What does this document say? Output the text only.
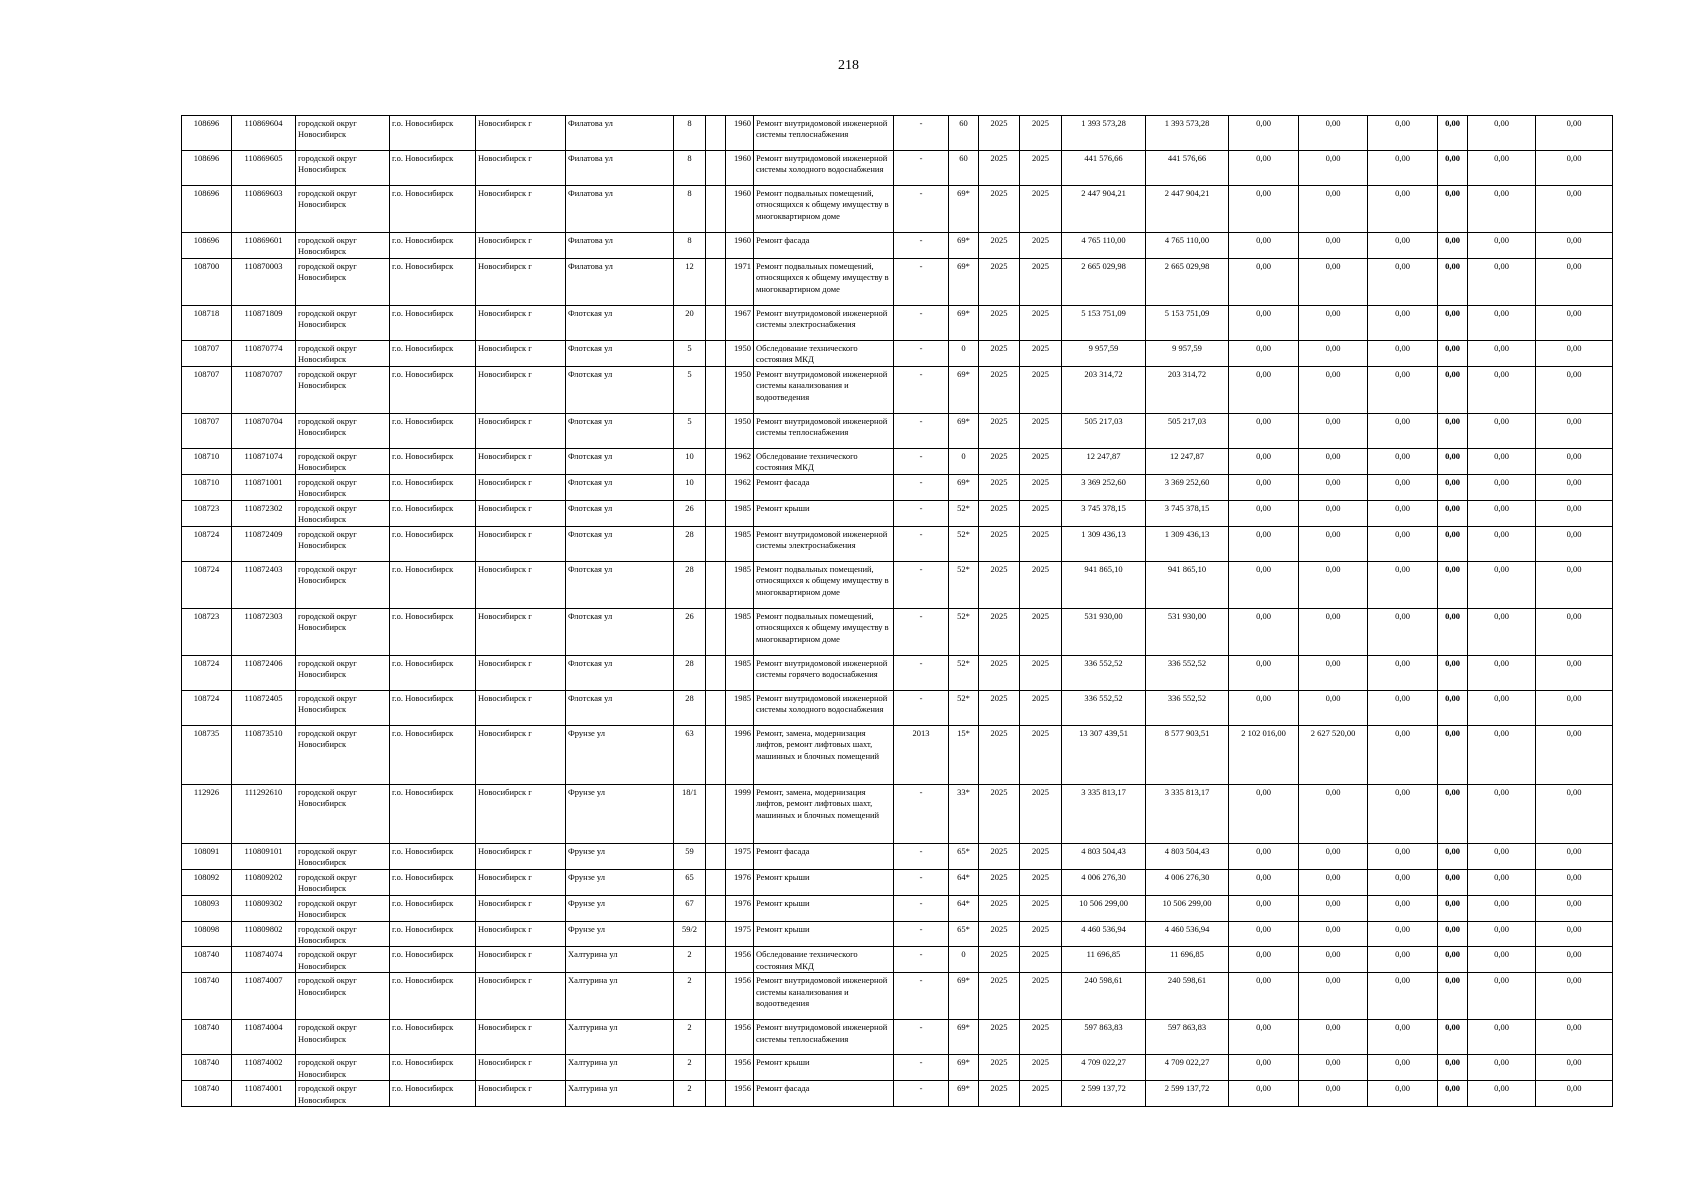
218
108696	110869604	городской округ Новосибирск	г.о. Новосибирск	Новосибирск г	Филатова ул	8		1960	Ремонт внутридомовой инженерной системы теплоснабжения	-	60	2025	2025	1 393 573,28	1 393 573,28	0,00	0,00	0,00	0,00	0,00	0,00
108696	110869605	городской округ Новосибирск	г.о. Новосибирск	Новосибирск г	Филатова ул	8		1960	Ремонт внутридомовой инженерной системы холодного водоснабжения	-	60	2025	2025	441 576,66	441 576,66	0,00	0,00	0,00	0,00	0,00	0,00
108696	110869603	городской округ Новосибирск	г.о. Новосибирск	Новосибирск г	Филатова ул	8		1960	Ремонт подвальных помещений, относящихся к общему имуществу в многоквартирном доме	-	69*	2025	2025	2 447 904,21	2 447 904,21	0,00	0,00	0,00	0,00	0,00	0,00
108696	110869601	городской округ Новосибирск	г.о. Новосибирск	Новосибирск г	Филатова ул	8		1960	Ремонт фасада	-	69*	2025	2025	4 765 110,00	4 765 110,00	0,00	0,00	0,00	0,00	0,00	0,00
108700	110870003	городской округ Новосибирск	г.о. Новосибирск	Новосибирск г	Филатова ул	12		1971	Ремонт подвальных помещений, относящихся к общему имуществу в многоквартирном доме	-	69*	2025	2025	2 665 029,98	2 665 029,98	0,00	0,00	0,00	0,00	0,00	0,00
108718	110871809	городской округ Новосибирск	г.о. Новосибирск	Новосибирск г	Флотская ул	20		1967	Ремонт внутридомовой инженерной системы электроснабжения	-	69*	2025	2025	5 153 751,09	5 153 751,09	0,00	0,00	0,00	0,00	0,00	0,00
108707	110870774	городской округ Новосибирск	г.о. Новосибирск	Новосибирск г	Флотская ул	5		1950	Обследование технического состояния МКД	-	0	2025	2025	9 957,59	9 957,59	0,00	0,00	0,00	0,00	0,00	0,00
108707	110870707	городской округ Новосибирск	г.о. Новосибирск	Новосибирск г	Флотская ул	5		1950	Ремонт внутридомовой инженерной системы канализования и водоотведения	-	69*	2025	2025	203 314,72	203 314,72	0,00	0,00	0,00	0,00	0,00	0,00
108707	110870704	городской округ Новосибирск	г.о. Новосибирск	Новосибирск г	Флотская ул	5		1950	Ремонт внутридомовой инженерной системы теплоснабжения	-	69*	2025	2025	505 217,03	505 217,03	0,00	0,00	0,00	0,00	0,00	0,00
108710	110871074	городской округ Новосибирск	г.о. Новосибирск	Новосибирск г	Флотская ул	10		1962	Обследование технического состояния МКД	-	0	2025	2025	12 247,87	12 247,87	0,00	0,00	0,00	0,00	0,00	0,00
108710	110871001	городской округ Новосибирск	г.о. Новосибирск	Новосибирск г	Флотская ул	10		1962	Ремонт фасада	-	69*	2025	2025	3 369 252,60	3 369 252,60	0,00	0,00	0,00	0,00	0,00	0,00
108723	110872302	городской округ Новосибирск	г.о. Новосибирск	Новосибирск г	Флотская ул	26		1985	Ремонт крыши	-	52*	2025	2025	3 745 378,15	3 745 378,15	0,00	0,00	0,00	0,00	0,00	0,00
108724	110872409	городской округ Новосибирск	г.о. Новосибирск	Новосибирск г	Флотская ул	28		1985	Ремонт внутридомовой инженерной системы электроснабжения	-	52*	2025	2025	1 309 436,13	1 309 436,13	0,00	0,00	0,00	0,00	0,00	0,00
108724	110872403	городской округ Новосибирск	г.о. Новосибирск	Новосибирск г	Флотская ул	28		1985	Ремонт подвальных помещений, относящихся к общему имуществу в многоквартирном доме	-	52*	2025	2025	941 865,10	941 865,10	0,00	0,00	0,00	0,00	0,00	0,00
108723	110872303	городской округ Новосибирск	г.о. Новосибирск	Новосибирск г	Флотская ул	26		1985	Ремонт подвальных помещений, относящихся к общему имуществу в многоквартирном доме	-	52*	2025	2025	531 930,00	531 930,00	0,00	0,00	0,00	0,00	0,00	0,00
108724	110872406	городской округ Новосибирск	г.о. Новосибирск	Новосибирск г	Флотская ул	28		1985	Ремонт внутридомовой инженерной системы горячего водоснабжения	-	52*	2025	2025	336 552,52	336 552,52	0,00	0,00	0,00	0,00	0,00	0,00
108724	110872405	городской округ Новосибирск	г.о. Новосибирск	Новосибирск г	Флотская ул	28		1985	Ремонт внутридомовой инженерной системы холодного водоснабжения	-	52*	2025	2025	336 552,52	336 552,52	0,00	0,00	0,00	0,00	0,00	0,00
108735	110873510	городской округ Новосибирск	г.о. Новосибирск	Новосибирск г	Фрунзе ул	63		1996	Ремонт, замена, модернизация лифтов, ремонт лифтовых шахт, машинных и блочных помещений	2013	15*	2025	2025	13 307 439,51	8 577 903,51	2 102 016,00	2 627 520,00	0,00	0,00	0,00	0,00
112926	111292610	городской округ Новосибирск	г.о. Новосибирск	Новосибирск г	Фрунзе ул	18/1		1999	Ремонт, замена, модернизация лифтов, ремонт лифтовых шахт, машинных и блочных помещений	-	33*	2025	2025	3 335 813,17	3 335 813,17	0,00	0,00	0,00	0,00	0,00	0,00
108091	110809101	городской округ Новосибирск	г.о. Новосибирск	Новосибирск г	Фрунзе ул	59		1975	Ремонт фасада	-	65*	2025	2025	4 803 504,43	4 803 504,43	0,00	0,00	0,00	0,00	0,00	0,00
108092	110809202	городской округ Новосибирск	г.о. Новосибирск	Новосибирск г	Фрунзе ул	65		1976	Ремонт крыши	-	64*	2025	2025	4 006 276,30	4 006 276,30	0,00	0,00	0,00	0,00	0,00	0,00
108093	110809302	городской округ Новосибирск	г.о. Новосибирск	Новосибирск г	Фрунзе ул	67		1976	Ремонт крыши	-	64*	2025	2025	10 506 299,00	10 506 299,00	0,00	0,00	0,00	0,00	0,00	0,00
108098	110809802	городской округ Новосибирск	г.о. Новосибирск	Новосибирск г	Фрунзе ул	59/2		1975	Ремонт крыши	-	65*	2025	2025	4 460 536,94	4 460 536,94	0,00	0,00	0,00	0,00	0,00	0,00
108740	110874074	городской округ Новосибирск	г.о. Новосибирск	Новосибирск г	Халтурина ул	2		1956	Обследование технического состояния МКД	-	0	2025	2025	11 696,85	11 696,85	0,00	0,00	0,00	0,00	0,00	0,00
108740	110874007	городской округ Новосибирск	г.о. Новосибирск	Новосибирск г	Халтурина ул	2		1956	Ремонт внутридомовой инженерной системы канализования и водоотведения	-	69*	2025	2025	240 598,61	240 598,61	0,00	0,00	0,00	0,00	0,00	0,00
108740	110874004	городской округ Новосибирск	г.о. Новосибирск	Новосибирск г	Халтурина ул	2		1956	Ремонт внутридомовой инженерной системы теплоснабжения	-	69*	2025	2025	597 863,83	597 863,83	0,00	0,00	0,00	0,00	0,00	0,00
108740	110874002	городской округ Новосибирск	г.о. Новосибирск	Новосибирск г	Халтурина ул	2		1956	Ремонт крыши	-	69*	2025	2025	4 709 022,27	4 709 022,27	0,00	0,00	0,00	0,00	0,00	0,00
108740	110874001	городской округ Новосибирск	г.о. Новосибирск	Новосибирск г	Халтурина ул	2		1956	Ремонт фасада	-	69*	2025	2025	2 599 137,72	2 599 137,72	0,00	0,00	0,00	0,00	0,00	0,00
